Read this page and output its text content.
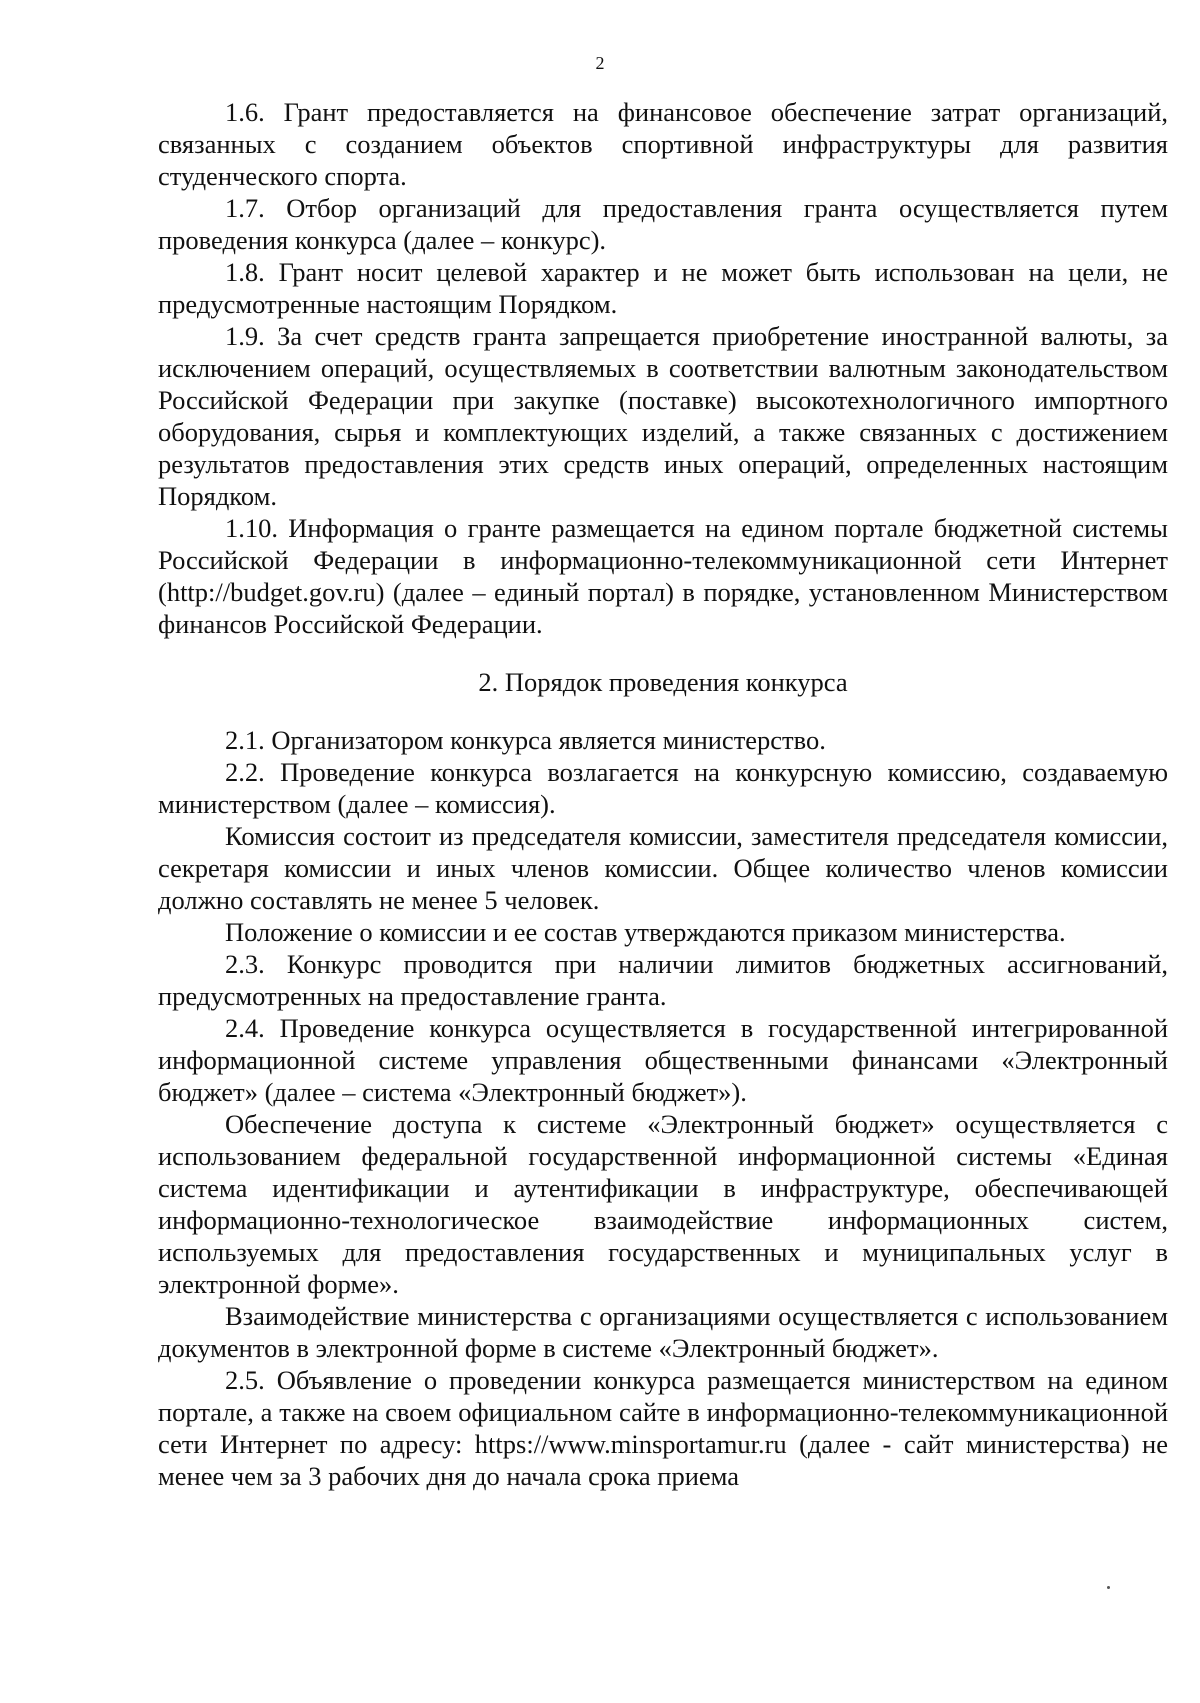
2

1.6. Грант предоставляется на финансовое обеспечение затрат организаций, связанных с созданием объектов спортивной инфраструктуры для развития студенческого спорта.

1.7. Отбор организаций для предоставления гранта осуществляется путем проведения конкурса (далее – конкурс).

1.8. Грант носит целевой характер и не может быть использован на цели, не предусмотренные настоящим Порядком.

1.9. За счет средств гранта запрещается приобретение иностранной валюты, за исключением операций, осуществляемых в соответствии валютным законодательством Российской Федерации при закупке (поставке) высокотехнологичного импортного оборудования, сырья и комплектующих изделий, а также связанных с достижением результатов предоставления этих средств иных операций, определенных настоящим Порядком.

1.10. Информация о гранте размещается на едином портале бюджетной системы Российской Федерации в информационно-телекоммуникационной сети Интернет (http://budget.gov.ru) (далее – единый портал) в порядке, установленном Министерством финансов Российской Федерации.

2. Порядок проведения конкурса

2.1. Организатором конкурса является министерство.

2.2. Проведение конкурса возлагается на конкурсную комиссию, создаваемую министерством (далее – комиссия).

Комиссия состоит из председателя комиссии, заместителя председателя комиссии, секретаря комиссии и иных членов комиссии. Общее количество членов комиссии должно составлять не менее 5 человек.

Положение о комиссии и ее состав утверждаются приказом министерства.

2.3. Конкурс проводится при наличии лимитов бюджетных ассигнований, предусмотренных на предоставление гранта.

2.4. Проведение конкурса осуществляется в государственной интегрированной информационной системе управления общественными финансами «Электронный бюджет» (далее – система «Электронный бюджет»).

Обеспечение доступа к системе «Электронный бюджет» осуществляется с использованием федеральной государственной информационной системы «Единая система идентификации и аутентификации в инфраструктуре, обеспечивающей информационно-технологическое взаимодействие информационных систем, используемых для предоставления государственных и муниципальных услуг в электронной форме».

Взаимодействие министерства с организациями осуществляется с использованием документов в электронной форме в системе «Электронный бюджет».

2.5. Объявление о проведении конкурса размещается министерством на едином портале, а также на своем официальном сайте в информационно-телекоммуникационной сети Интернет по адресу: https://www.minsportamur.ru (далее - сайт министерства) не менее чем за 3 рабочих дня до начала срока приема
